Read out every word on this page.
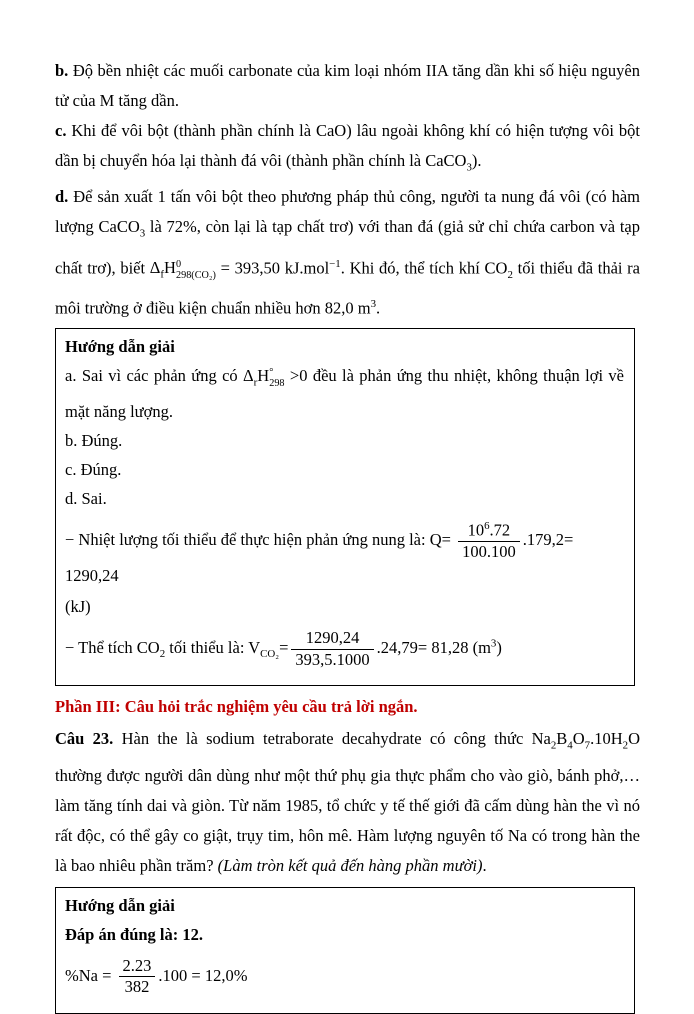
b. Độ bền nhiệt các muối carbonate của kim loại nhóm IIA tăng dần khi số hiệu nguyên tử của M tăng dần.

c. Khi để vôi bột (thành phần chính là CaO) lâu ngoài không khí có hiện tượng vôi bột dần bị chuyển hóa lại thành đá vôi (thành phần chính là CaCO$_3$).

d. Để sản xuất 1 tấn vôi bột theo phương pháp thủ công, người ta nung đá vôi (có hàm lượng CaCO$_3$ là 72%, còn lại là tạp chất trơ) với than đá (giả sử chỉ chứa carbon và tạp chất trơ), biết $\Delta_fH$ 0
298(CO₂) = 393,50 kJ.mol$^{-1}$. Khi đó, thể tích khí $CO_2$ tối thiểu đã thải ra môi trường ở điều kiện chuẩn nhiều hơn 82,0 $m^3$.

Hướng dẫn giải

a. Sai vì các phản ứng có $\Delta_rH$ °
298 >0 đều là phản ứng thu nhiệt, không thuận lợi về mặt năng lượng.

b. Đúng.

c. Đúng.

d. Sai.

− Nhiệt lượng tối thiểu để thực hiện phản ứng nung là: $Q= \frac{10^6.72}{100.100} .179,2= 1290,24$

(kJ)

− Thể tích $CO_2$ tối thiểu là: $V_{CO_2}= \frac{1290,24}{393,5.1000} .24,79= 81,28$ $(m^3)$

Phần III: Câu hỏi trắc nghiệm yêu cầu trả lời ngắn.

Câu 23. Hàn the là sodium tetraborate decahydrate có công thức $Na_2B_4O_7.10H_2O$ thường được người dân dùng như một thứ phụ gia thực phẩm cho vào giò, bánh phở,… làm tăng tính dai và giòn. Từ năm 1985, tổ chức y tế thế giới đã cấm dùng hàn the vì nó rất độc, có thể gây co giật, trụy tim, hôn mê. Hàm lượng nguyên tố Na có trong hàn the là bao nhiêu phần trăm? (Làm tròn kết quả đến hàng phần mười).

Hướng dẫn giải

Đáp án đúng là: 12.

$\%Na = \frac{2.23}{382} .100 = 12,0\%$
